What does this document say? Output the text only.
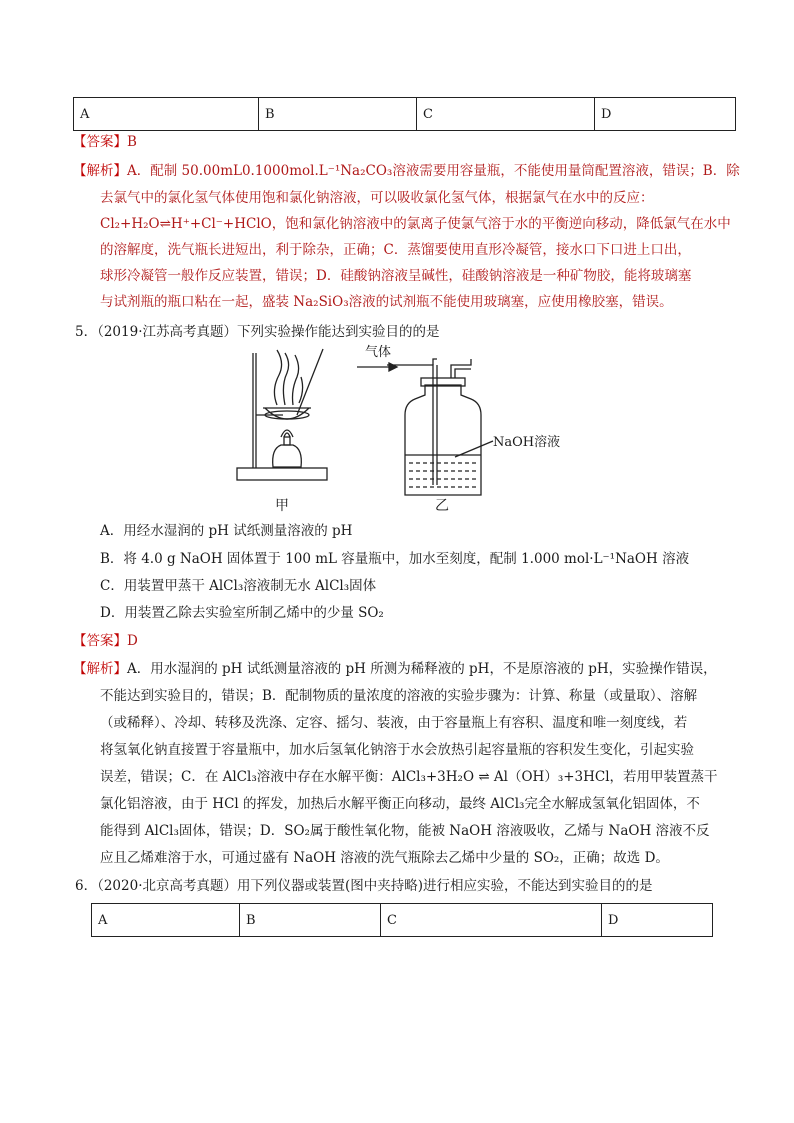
A	B	C	D
【答案】B
【解析】A．配制 50.00mL0.1000mol.L⁻¹Na₂CO₃溶液需要用容量瓶，不能使用量筒配置溶液，错误；B．除
去氯气中的氯化氢气体使用饱和氯化钠溶液，可以吸收氯化氢气体，根据氯气在水中的反应：
Cl₂+H₂O⇌H⁺+Cl⁻+HClO，饱和氯化钠溶液中的氯离子使氯气溶于水的平衡逆向移动，降低氯气在水中
的溶解度，洗气瓶长进短出，利于除杂，正确；C．蒸馏要使用直形冷凝管，接水口下口进上口出，
球形冷凝管一般作反应装置，错误；D．硅酸钠溶液呈碱性，硅酸钠溶液是一种矿物胶，能将玻璃塞
与试剂瓶的瓶口粘在一起，盛装 Na₂SiO₃溶液的试剂瓶不能使用玻璃塞，应使用橡胶塞，错误。
5．（2019·江苏高考真题）下列实验操作能达到实验目的的是
气体
NaOH溶液
甲	乙
A．用经水湿润的 pH 试纸测量溶液的 pH
B．将 4.0 g NaOH 固体置于 100 mL 容量瓶中，加水至刻度，配制 1.000 mol·L⁻¹NaOH 溶液
C．用装置甲蒸干 AlCl₃溶液制无水 AlCl₃固体
D．用装置乙除去实验室所制乙烯中的少量 SO₂
【答案】D
【解析】A．用水湿润的 pH 试纸测量溶液的 pH 所测为稀释液的 pH，不是原溶液的 pH，实验操作错误，
不能达到实验目的，错误；B．配制物质的量浓度的溶液的实验步骤为：计算、称量（或量取）、溶解
（或稀释）、冷却、转移及洗涤、定容、摇匀、装液，由于容量瓶上有容积、温度和唯一刻度线，若
将氢氧化钠直接置于容量瓶中，加水后氢氧化钠溶于水会放热引起容量瓶的容积发生变化，引起实验
误差，错误；C．在 AlCl₃溶液中存在水解平衡：AlCl₃+3H₂O ⇌ Al（OH）₃+3HCl，若用甲装置蒸干
氯化铝溶液，由于 HCl 的挥发，加热后水解平衡正向移动，最终 AlCl₃完全水解成氢氧化铝固体，不
能得到 AlCl₃固体，错误；D．SO₂属于酸性氧化物，能被 NaOH 溶液吸收，乙烯与 NaOH 溶液不反
应且乙烯难溶于水，可通过盛有 NaOH 溶液的洗气瓶除去乙烯中少量的 SO₂，正确；故选 D。
6．（2020·北京高考真题）用下列仪器或装置(图中夹持略)进行相应实验，不能达到实验目的的是
A	B	C	D
